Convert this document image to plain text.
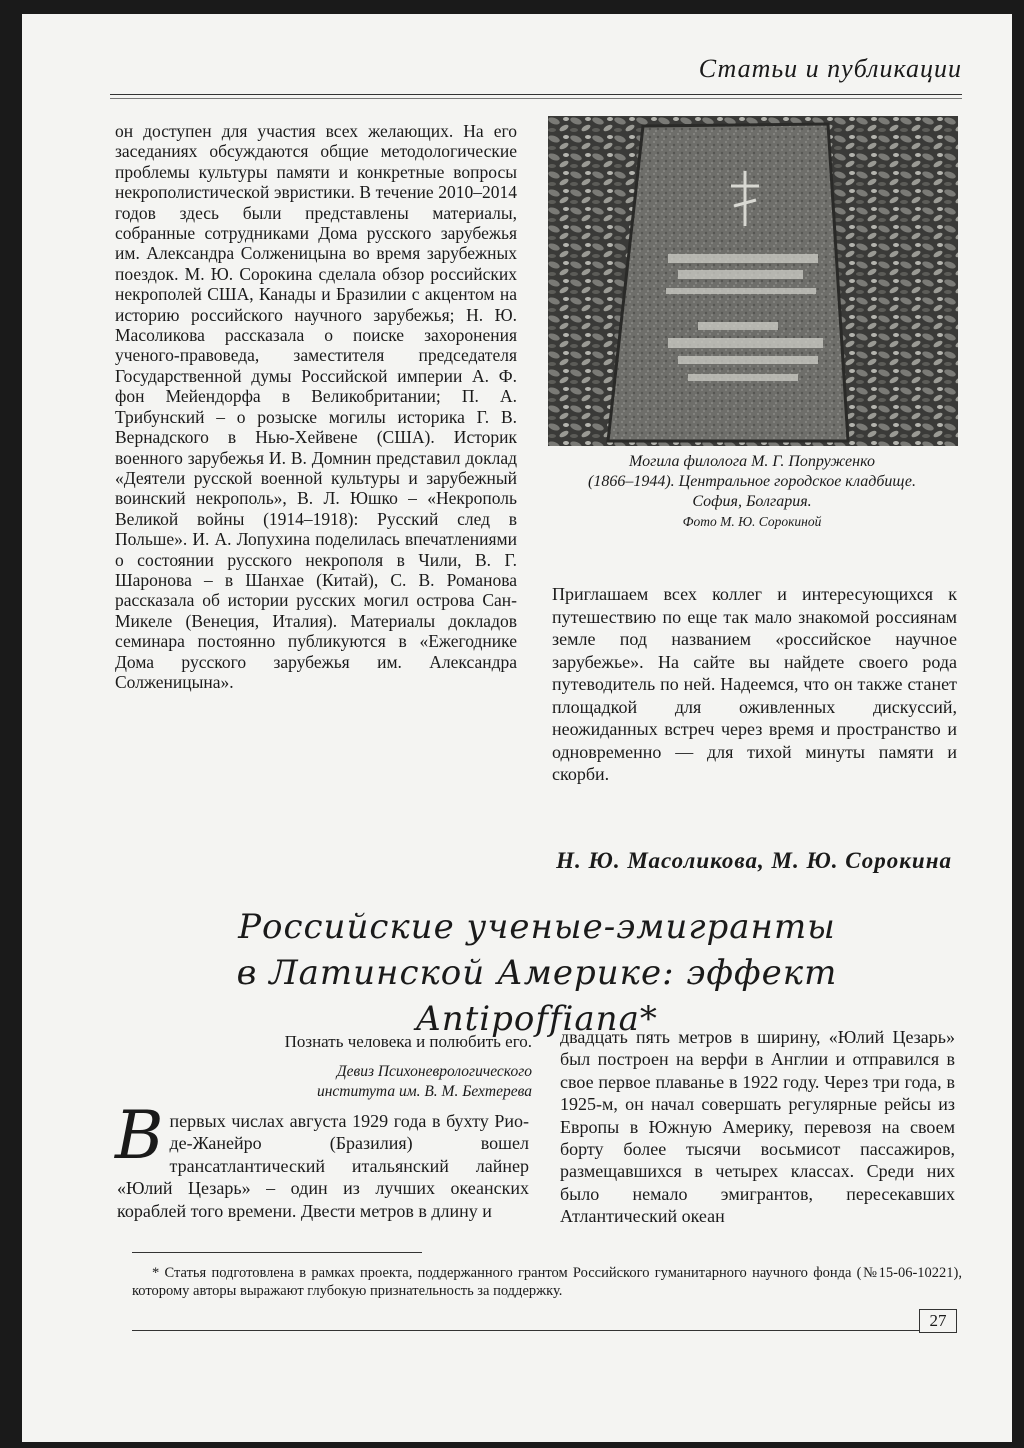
Статьи и публикации
он доступен для участия всех желающих. На его заседаниях обсуждаются общие методологические проблемы культуры памяти и конкретные вопросы некрополистической эвристики. В течение 2010–2014 годов здесь были представлены материалы, собранные сотрудниками Дома русского зарубежья им. Александра Солженицына во время зарубежных поездок. М. Ю. Сорокина сделала обзор российских некрополей США, Канады и Бразилии с акцентом на историю российского научного зарубежья; Н. Ю. Масоликова рассказала о поиске захоронения ученого-правоведа, заместителя председателя Государственной думы Российской империи А. Ф. фон Мейендорфа в Великобритании; П. А. Трибунский – о розыске могилы историка Г. В. Вернадского в Нью-Хейвене (США). Историк военного зарубежья И. В. Домнин представил доклад «Деятели русской военной культуры и зарубежный воинский некрополь», В. Л. Юшко – «Некрополь Великой войны (1914–1918): Русский след в Польше». И. А. Лопухина поделилась впечатлениями о состоянии русского некрополя в Чили, В. Г. Шаронова – в Шанхае (Китай), С. В. Романова рассказала об истории русских могил острова Сан-Микеле (Венеция, Италия). Материалы докладов семинара постоянно публикуются в «Ежегоднике Дома русского зарубежья им. Александра Солженицына».
Могила филолога М. Г. Попруженко
(1866–1944). Центральное городское кладбище.
София, Болгария.
Фото М. Ю. Сорокиной
Приглашаем всех коллег и интересующихся к путешествию по еще так мало знакомой россиянам земле под названием «российское научное зарубежье». На сайте вы найдете своего рода путеводитель по ней. Надеемся, что он также станет площадкой для оживленных дискуссий, неожиданных встреч через время и пространство и одновременно — для тихой минуты памяти и скорби.
Н. Ю. Масоликова, М. Ю. Сорокина
Российские ученые-эмигранты
в Латинской Америке: эффект Antipoffiana*
Познать человека и полюбить его.
Девиз Психоневрологического
института им. В. М. Бехтерева
В первых числах августа 1929 года в бухту Рио-де-Жанейро (Бразилия) вошел трансатлантический итальянский лайнер «Юлий Цезарь» – один из лучших океанских кораблей того времени. Двести метров в длину и
двадцать пять метров в ширину, «Юлий Цезарь» был построен на верфи в Англии и отправился в свое первое плаванье в 1922 году. Через три года, в 1925-м, он начал совершать регулярные рейсы из Европы в Южную Америку, перевозя на своем борту более тысячи восьмисот пассажиров, размещавшихся в четырех классах. Среди них было немало эмигрантов, пересекавших Атлантический океан
* Статья подготовлена в рамках проекта, поддержанного грантом Российского гуманитарного научного фонда (№15-06-10221), которому авторы выражают глубокую признательность за поддержку.
27
